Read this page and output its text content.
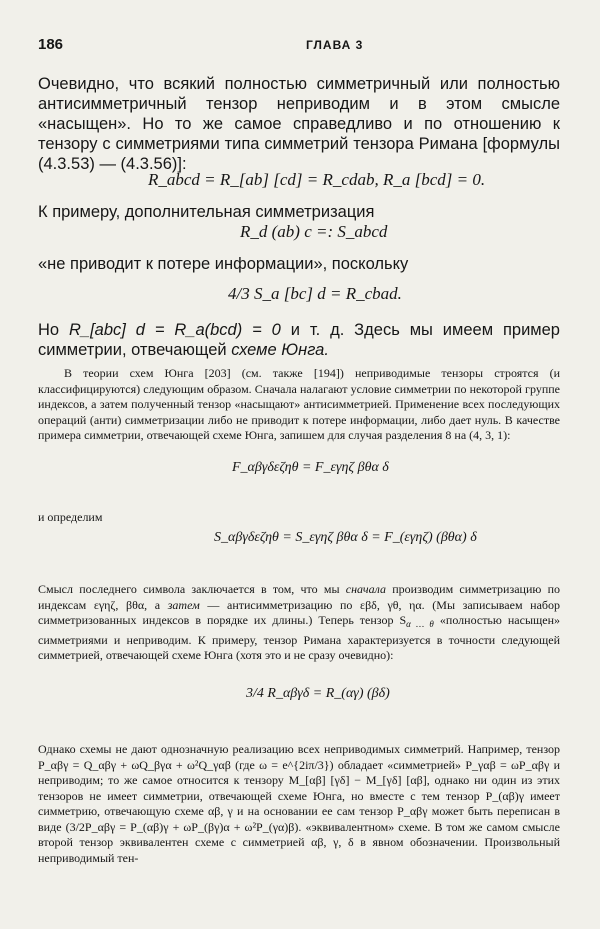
186	ГЛАВА 3
Очевидно, что всякий полностью симметричный или полностью антисимметричный тензор неприводим и в этом смысле «насыщен». Но то же самое справедливо и по отношению к тензору с симметриями типа симметрий тензора Римана [формулы (4.3.53) — (4.3.56)]:
R_abcd = R_[ab] [cd] = R_cdab, R_a [bcd] = 0.
К примеру, дополнительная симметризация
R_d (ab) c =: S_abcd
«не приводит к потере информации», поскольку
4/3 S_a [bc] d = R_cbad.
Но R_[abc] d = R_a(bcd) = 0 и т. д. Здесь мы имеем пример симметрии, отвечающей схеме Юнга.
В теории схем Юнга [203] (см. также [194]) неприводимые тензоры строятся (и классифицируются) следующим образом. Сначала налагают условие симметрии по некоторой группе индексов, а затем полученный тензор «насыщают» антисимметрией. Применение всех последующих операций (анти) симметризации либо не приводит к потере информации, либо дает нуль. В качестве примера симметрии, отвечающей схеме Юнга, запишем для случая разделения 8 на (4, 3, 1):
F_αβγδεζηθ = F_εγηζ βθα δ
и определим
S_αβγδεζηθ = S_εγηζ βθα δ = F_(εγηζ) (βθα) δ
Смысл последнего символа заключается в том, что мы сначала производим симметризацию по индексам εγηζ, βθα, а затем — антисимметризацию по εβδ, γθ, ηα. (Мы записываем набор симметризованных индексов в порядке их длины.) Теперь тензор $S_{\alpha \dots \theta}$ «полностью насыщен» симметриями и неприводим. К примеру, тензор Римана характеризуется в точности следующей симметрией, отвечающей схеме Юнга (хотя это и не сразу очевидно):
3/4 R_αβγδ = R_(αγ) (βδ)
Однако схемы не дают однозначную реализацию всех неприводимых симметрий. Например, тензор P_αβγ = Q_αβγ + ωQ_βγα + ω²Q_γαβ (где ω = e^{2iπ/3}) обладает «симметрией» P_γαβ = ωP_αβγ и неприводим; то же самое относится к тензору M_[αβ] [γδ] − M_[γδ] [αβ], однако ни один из этих тензоров не имеет симметрии, отвечающей схеме Юнга, но вместе с тем тензор P_(αβ)γ имеет симметрию, отвечающую схеме αβ, γ и на основании ее сам тензор P_αβγ может быть переписан в виде (3/2P_αβγ = P_(αβ)γ + ωP_(βγ)α + ω²P_(γα)β). «эквивалентном» схеме. В том же самом смысле второй тензор эквивалентен схеме с симметрией αβ, γ, δ в явном обозначении. Произвольный неприводимый тен-
